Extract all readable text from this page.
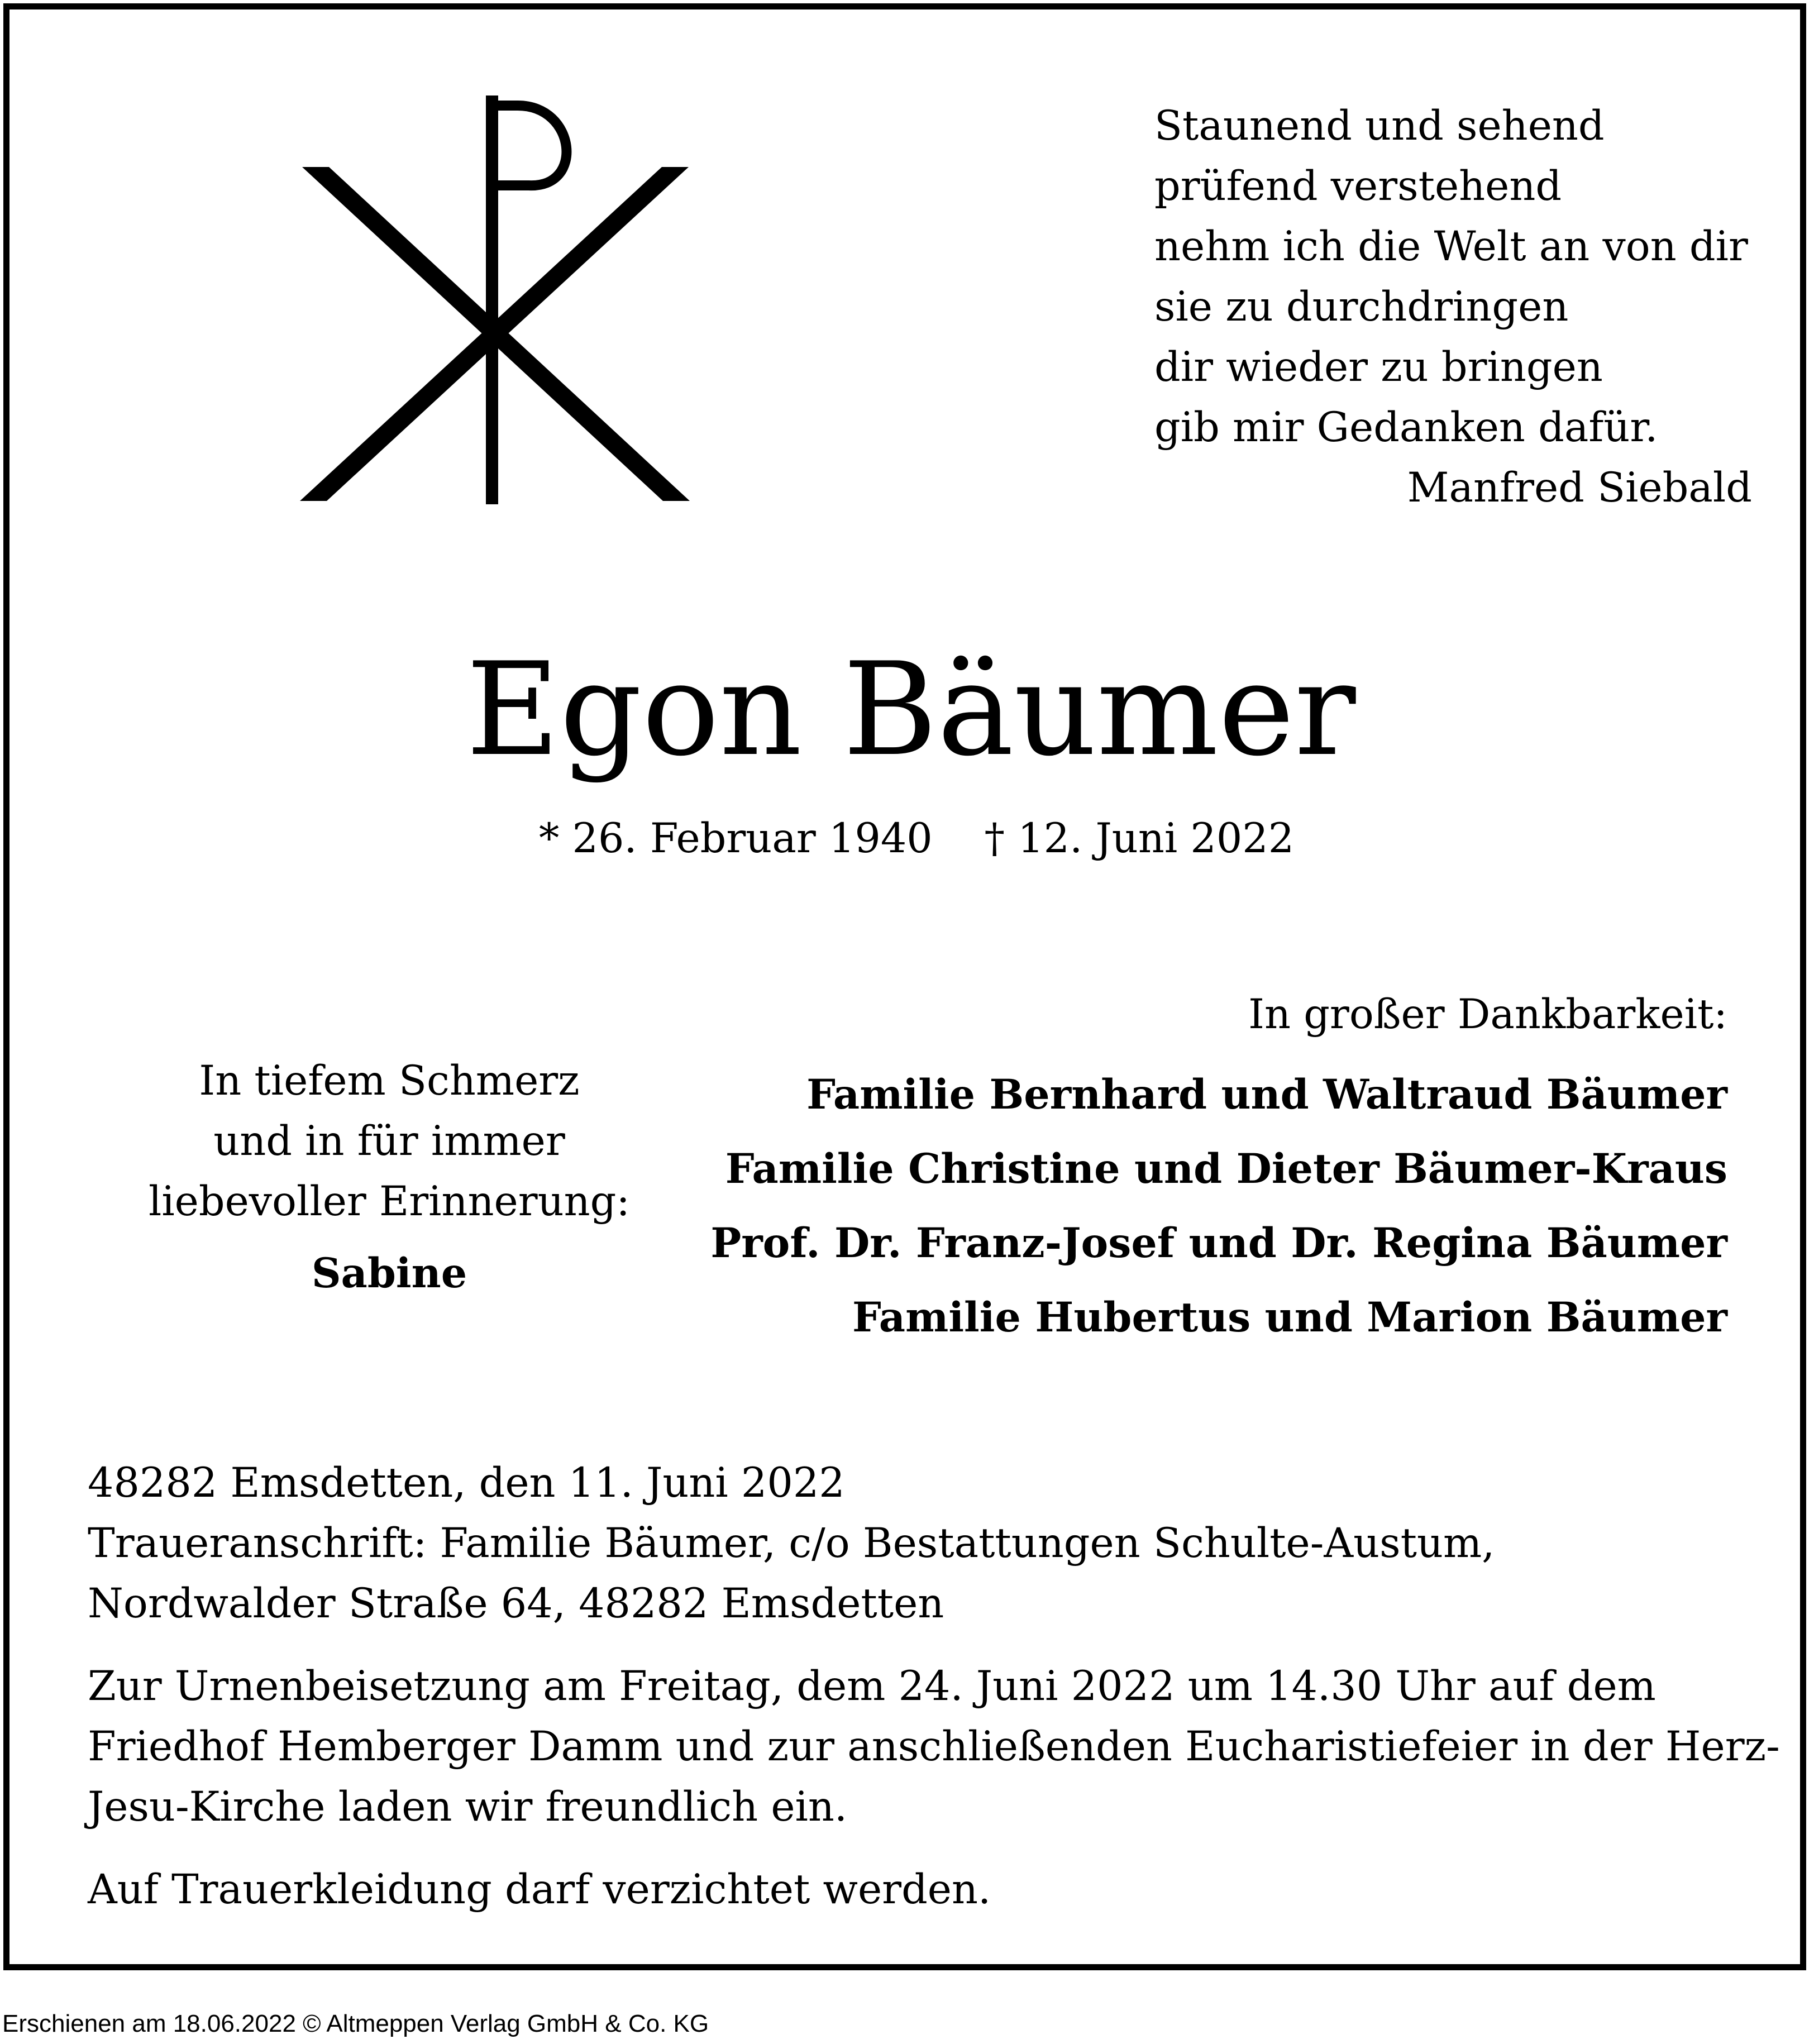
Staunend und sehend
prüfend verstehend
nehm ich die Welt an von dir
sie zu durchdringen
dir wieder zu bringen
gib mir Gedanken dafür.
Manfred Siebald
Egon Bäumer
* 26. Februar 1940    † 12. Juni 2022
In tiefem Schmerz
und in für immer
liebevoller Erinnerung:
Sabine
In großer Dankbarkeit:
Familie Bernhard und Waltraud Bäumer
Familie Christine und Dieter Bäumer-Kraus
Prof. Dr. Franz-Josef und Dr. Regina Bäumer
Familie Hubertus und Marion Bäumer
48282 Emsdetten, den 11. Juni 2022
Traueranschrift: Familie Bäumer, c/o Bestattungen Schulte-Austum,
Nordwalder Straße 64, 48282 Emsdetten
Zur Urnenbeisetzung am Freitag, dem 24. Juni 2022 um 14.30 Uhr auf dem
Friedhof Hemberger Damm und zur anschließenden Eucharistiefeier in der Herz-
Jesu-Kirche laden wir freundlich ein.
Auf Trauerkleidung darf verzichtet werden.
Erschienen am 18.06.2022 © Altmeppen Verlag GmbH & Co. KG
